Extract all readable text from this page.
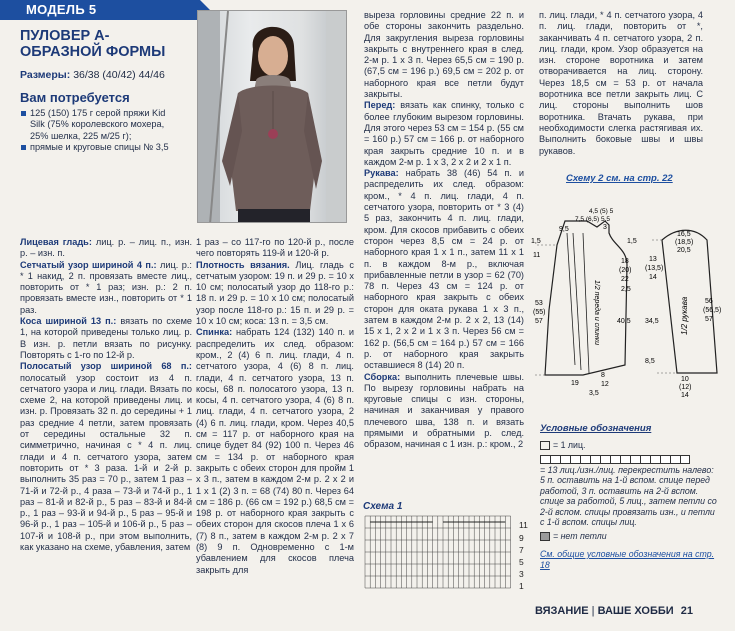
МОДЕЛЬ 5
ПУЛОВЕР А-ОБРАЗНОЙ ФОРМЫ
Размеры: 36/38 (40/42) 44/46
Вам потребуется
125 (150) 175 г серой пряжи Kid Silk (75% королевского мохера, 25% шелка, 225 м/25 г);
прямые и круговые спицы № 3,5

Лицевая гладь: лиц. р. – лиц. п., изн. р. – изн. п.

Сетчатый узор шириной 4 п.: лиц. р.: * 1 накид, 2 п. провязать вместе лиц., повторить от * 1 раз; изн. р.: 2 п. провязать вместе изн., повторить от * 1 раз.

Коса шириной 13 п.: вязать по схеме 1, на которой приведены только лиц. р. В изн. р. петли вязать по рисунку. Повторять с 1-го по 12-й р.

Полосатый узор шириной 68 п.: полосатый узор состоит из 4 п. сетчатого узора и лиц. глади. Вязать по схеме 2, на которой приведены лиц. и изн. р. Провязать 32 п. до середины + 1 раз средние 4 петли, затем провязать от середины остальные 32 п. симметрично, начиная с * 4 п. лиц. глади и 4 п. сетчатого узора, затем повторить от * 3 раза. 1-й и 2-й р. выполнить 35 раз = 70 р., затем 1 раз – 71-й и 72-й р., 4 раза – 73-й и 74-й р., 1 раз – 81-й и 82-й р., 5 раз – 83-й и 84-й р., 1 раз – 93-й и 94-й р., 5 раз – 95-й и 96-й р., 1 раз – 105-й и 106-й р., 5 раз – 107-й и 108-й р., при этом выполнить, как указано на схеме, убавления, затем

1 раз – со 117-го по 120-й р., после чего повторять 119-й и 120-й р.

Плотность вязания. Лиц. гладь с сетчатым узором: 19 п. и 29 р. = 10 x 10 см; полосатый узор до 118-го р.: 18 п. и 29 р. = 10 x 10 см; полосатый узор после 118-го р.: 15 п. и 29 р. = 10 x 10 см; коса: 13 п. = 3,5 см.

Спинка: набрать 124 (132) 140 п. и распределить их след. образом: кром., 2 (4) 6 п. лиц. глади, 4 п. сетчатого узора, 4 (6) 8 п. лиц. глади, 4 п. сетчатого узора, 13 п. косы, 68 п. полосатого узора, 13 п. косы, 4 п. сетчатого узора, 4 (6) 8 п. лиц. глади, 4 п. сетчатого узора, 2 (4) 6 п. лиц. глади, кром. Через 40,5 см = 117 р. от наборного края на спице будет 84 (92) 100 п. Через 46 см = 134 р. от наборного края закрыть с обеих сторон для пройм 1 x 3 п., затем в каждом 2-м р. 2 x 2 и 1 x 1 (2) 3 п. = 68 (74) 80 п. Через 64 см = 186 р. (66 см = 192 р.) 68,5 см = 198 р. от наборного края закрыть с обеих сторон для скосов плеча 1 x 6 (7) 8 п., затем в каждом 2-м р. 2 x 7 (8) 9 п. Одновременно с 1-м убавлением для скосов плеча закрыть для

выреза горловины средние 22 п. и обе стороны закончить раздельно. Для закругления выреза горловины закрыть с внутреннего края в след. 2-м р. 1 x 3 п. Через 65,5 см = 190 р. (67,5 см = 196 р.) 69,5 см = 202 р. от наборного края все петли будут закрыты.

Перед: вязать как спинку, только с более глубоким вырезом горловины. Для этого через 53 см = 154 р. (55 см = 160 р.) 57 см = 166 р. от наборного края закрыть средние 10 п. и в каждом 2-м р. 1 x 3, 2 x 2 и 2 x 1 п.

Рукава: набрать 38 (46) 54 п. и распределить их след. образом: кром., * 4 п. лиц. глади, 4 п. сетчатого узора, повторить от * 3 (4) 5 раз, закончить 4 п. лиц. глади, кром. Для скосов прибавить с обеих сторон через 8,5 см = 24 р. от наборного края 1 x 1 п., затем 11 x 1 п. в каждом 8-м р., включая прибавленные петли в узор = 62 (70) 78 п. Через 43 см = 124 р. от наборного края закрыть с обеих сторон для окатa рукава 1 x 3 п., затем в каждом 2-м р. 2 x 2, 13 (14) 15 x 1, 2 x 2 и 1 x 3 п. Через 56 см = 162 р. (56,5 см = 164 р.) 57 см = 166 р. от наборного края закрыть оставшиеся 8 (14) 20 п.

Сборка: выполнить плечевые швы. По вырезу горловины набрать на круговые спицы с изн. стороны, начиная и заканчивая у правого плечевого шва, 138 п. и вязать прямыми и обратными р. след. образом, начиная с 1 изн. р.: кром., 2

п. лиц. глади, * 4 п. сетчатого узора, 4 п. лиц. глади, повторить от *, заканчивать 4 п. сетчатого узора, 2 п. лиц. глади, кром. Узор образуется на изн. стороне воротника и затем отворачивается на лиц. сторону. Через 18,5 см = 53 р. от начала воротника все петли закрыть лиц. С лиц. стороны выполнить шов воротника. Втачать рукава, при необходимости слегка растягивая их. Выполнить боковые швы и швы рукавов.

Схему 2 см. на стр. 22
1/2 переда и спинки	1/2 рукава
1,5
11
9,5
7,5 (6,5) 5,5
4,5 (5) 5
3
1,5
18
(20)
22
2,5
53
(55)
57	40,5 34,5
19
8
12
3,5
16,5
(18,5)
20,5
13
(13,5)
14
56
(56,5)
57
8,5
10
(12)
14
Схема 1
11
9
7
5
3
1
Условные обозначения
= 1 лиц.

= 13 лиц./изн./лиц. перекрестить налево: 5 п. оставить на 1-й вспом. спице перед работой, 3 п. оставить на 2-й вспом. спице за работой, 5 лиц., затем петли со 2-й вспом. спицы провязать изн., и петли с 1-й вспом. спицы лиц.
= нет петли
См. общие условные обозначения на стр. 18
ВЯЗАНИЕ | ВАШЕ ХОББИ 21
